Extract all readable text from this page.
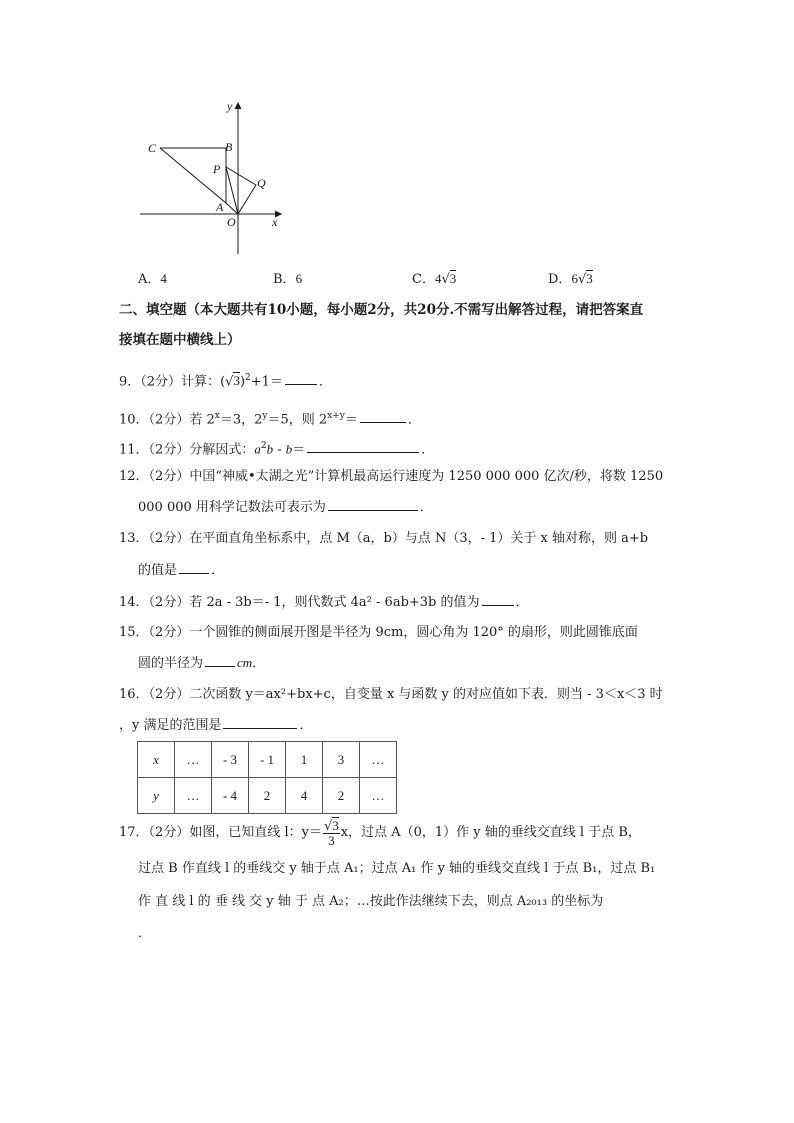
y
C	B
P
Q
A
O	x
A．4	B．6	C．4√3	D．6√3
二、填空题（本大题共有10小题，每小题2分，共20分.不需写出解答过程，请把答案直
接填在题中横线上）
9．（2分）计算：$(√3)^2+1=$	．
10．（2分）若 $2^x=3$，$2^y=5$，则 $2^{x+y}=$	．
11．（2分）分解因式：$a^2b - b=$	．
12．（2分）中国“神威•太湖之光”计算机最高运行速度为 1250 000 000 亿次/秒，将数 1250
000 000 用科学记数法可表示为	．
13．（2分）在平面直角坐标系中，点 M（a，b）与点 N（3，- 1）关于 x 轴对称，则 a+b
的值是	．
14．（2分）若 2a - 3b＝- 1，则代数式 4a² - 6ab+3b 的值为	．
15．（2分）一个圆锥的侧面展开图是半径为 9cm，圆心角为 120° 的扇形，则此圆锥底面
圆的半径为	cm．
16．（2分）二次函数 y＝ax²+bx+c，自变量 x 与函数 y 的对应值如下表．则当 - 3＜x＜3 时
，y 满足的范围是	．
x	…	- 3	- 1	1	3	…
y	…	- 4	2	4	2	…
17．（2分）如图，已知直线 l：$y= \frac{√3}{3}$ x，过点 A（0，1）作 y 轴的垂线交直线 l 于点 B，
过点 B 作直线 l 的垂线交 y 轴于点 A₁；过点 A₁ 作 y 轴的垂线交直线 l 于点 B₁，过点 B₁
作 直 线 l 的 垂 线 交 y 轴 于 点 A₂；…按此作法继续下去，则点 A₂₀₁₃ 的坐标为
．
